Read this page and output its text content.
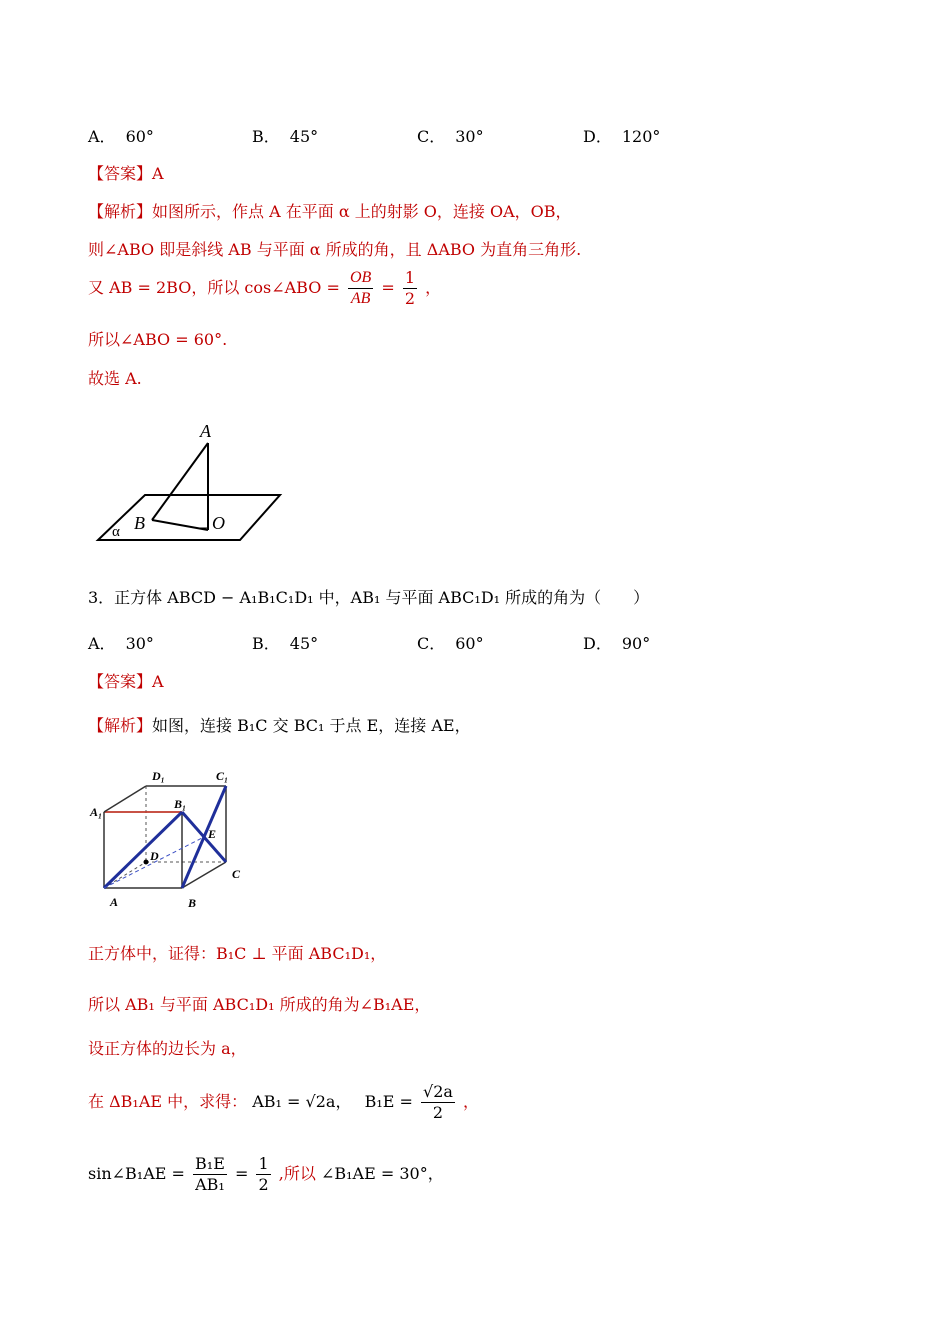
A． 60°	B． 45°	C． 30°	D． 120°
【答案】A
【解析】如图所示，作点 A 在平面 α 上的射影 O，连接 OA，OB，
则∠ABO 即是斜线 AB 与平面 α 所成的角，且 ΔABO 为直角三角形.
又 AB = 2BO，所以 cos∠ABO = $\frac{OB}{AB} = \frac{1}{2}$ ，
所以∠ABO = 60°.
故选 A.
A
B	O
α
3．正方体 ABCD − A₁B₁C₁D₁ 中，AB₁ 与平面 ABC₁D₁ 所成的角为（　　）
A． 30°	B． 45°	C． 60°	D． 90°
【答案】A
【解析】如图，连接 B₁C 交 BC₁ 于点 E，连接 AE，
A₁
D₁	C₁
B₁
E
D
C
A	B
正方体中，证得：B₁C ⊥ 平面 ABC₁D₁，
所以 AB₁ 与平面 ABC₁D₁ 所成的角为∠B₁AE，
设正方体的边长为 a，
在 ΔB₁AE 中，求得： AB₁ = √2a， $B_1E = \frac{√2a}{2}$ ，
sin∠B₁AE = $\frac{\text{B₁E}}{\text{AB₁}} = \frac{1}{2}$ ,所以 ∠B₁AE = 30°，
